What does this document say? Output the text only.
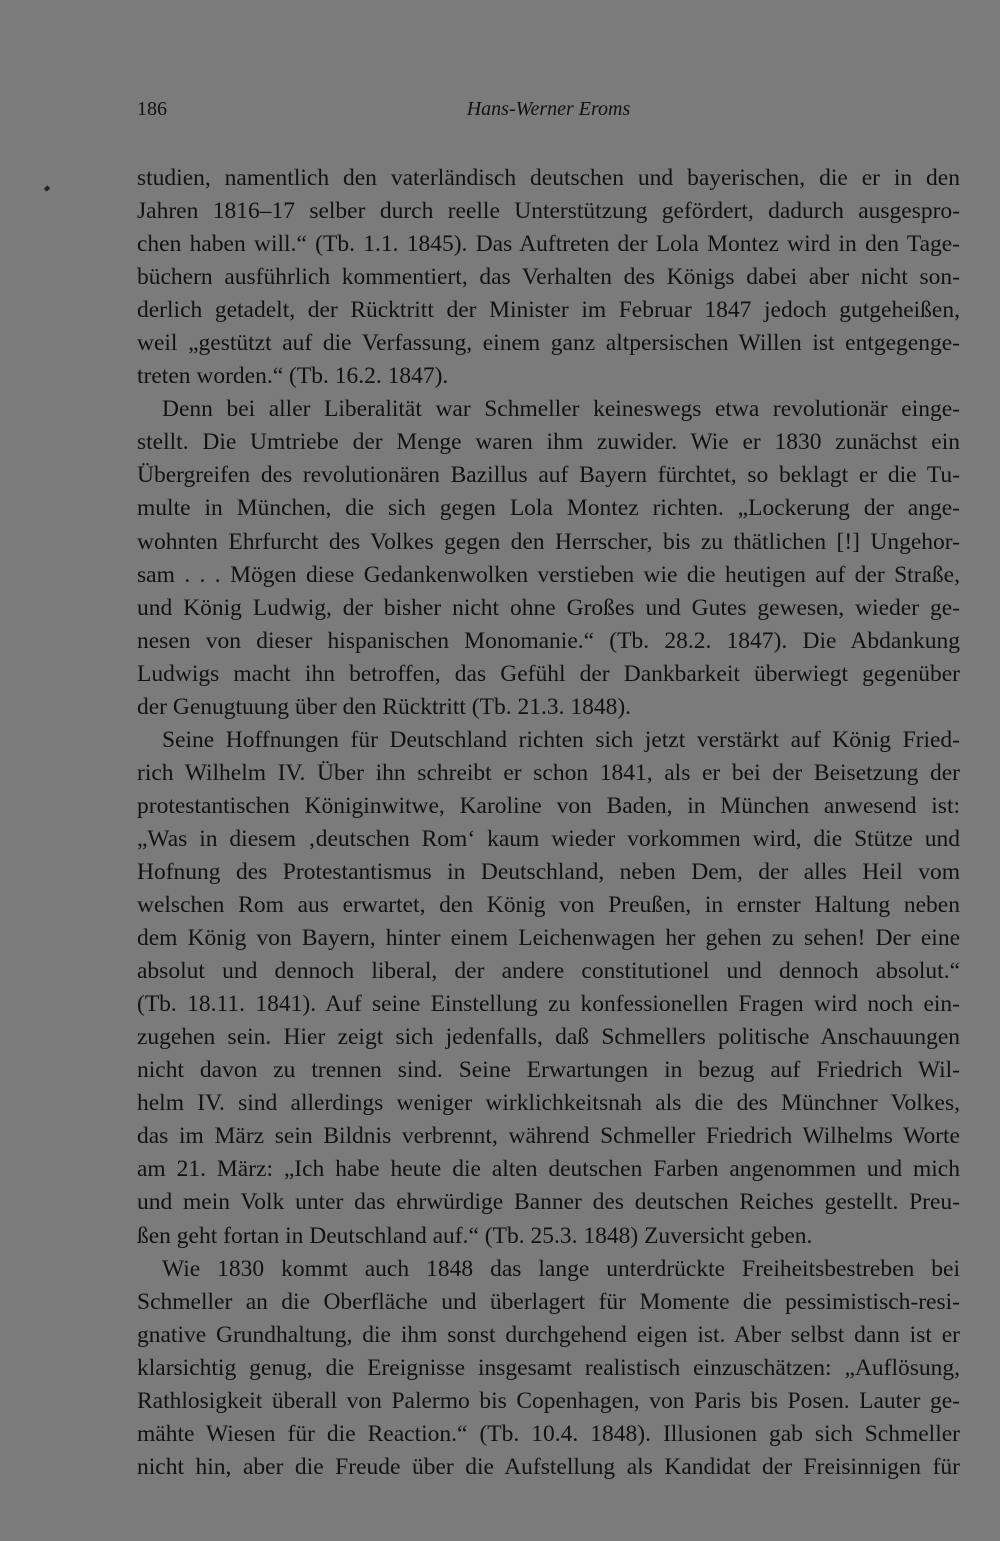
186	Hans-Werner Eroms
studien, namentlich den vaterländisch deutschen und bayerischen, die er in den
Jahren 1816–17 selber durch reelle Unterstützung gefördert, dadurch ausgespro-
chen haben will.“ (Tb. 1.1. 1845). Das Auftreten der Lola Montez wird in den Tage-
büchern ausführlich kommentiert, das Verhalten des Königs dabei aber nicht son-
derlich getadelt, der Rücktritt der Minister im Februar 1847 jedoch gutgeheißen,
weil „gestützt auf die Verfassung, einem ganz altpersischen Willen ist entgegenge-
treten worden.“ (Tb. 16.2. 1847).
Denn bei aller Liberalität war Schmeller keineswegs etwa revolutionär einge-
stellt. Die Umtriebe der Menge waren ihm zuwider. Wie er 1830 zunächst ein
Übergreifen des revolutionären Bazillus auf Bayern fürchtet, so beklagt er die Tu-
multe in München, die sich gegen Lola Montez richten. „Lockerung der ange-
wohnten Ehrfurcht des Volkes gegen den Herrscher, bis zu thätlichen [!] Ungehor-
sam . . . Mögen diese Gedankenwolken verstieben wie die heutigen auf der Straße,
und König Ludwig, der bisher nicht ohne Großes und Gutes gewesen, wieder ge-
nesen von dieser hispanischen Monomanie.“ (Tb. 28.2. 1847). Die Abdankung
Ludwigs macht ihn betroffen, das Gefühl der Dankbarkeit überwiegt gegenüber
der Genugtuung über den Rücktritt (Tb. 21.3. 1848).
Seine Hoffnungen für Deutschland richten sich jetzt verstärkt auf König Fried-
rich Wilhelm IV. Über ihn schreibt er schon 1841, als er bei der Beisetzung der
protestantischen Königinwitwe, Karoline von Baden, in München anwesend ist:
„Was in diesem ‚deutschen Rom‘ kaum wieder vorkommen wird, die Stütze und
Hofnung des Protestantismus in Deutschland, neben Dem, der alles Heil vom
welschen Rom aus erwartet, den König von Preußen, in ernster Haltung neben
dem König von Bayern, hinter einem Leichenwagen her gehen zu sehen! Der eine
absolut und dennoch liberal, der andere constitutionel und dennoch absolut.“
(Tb. 18.11. 1841). Auf seine Einstellung zu konfessionellen Fragen wird noch ein-
zugehen sein. Hier zeigt sich jedenfalls, daß Schmellers politische Anschauungen
nicht davon zu trennen sind. Seine Erwartungen in bezug auf Friedrich Wil-
helm IV. sind allerdings weniger wirklichkeitsnah als die des Münchner Volkes,
das im März sein Bildnis verbrennt, während Schmeller Friedrich Wilhelms Worte
am 21. März: „Ich habe heute die alten deutschen Farben angenommen und mich
und mein Volk unter das ehrwürdige Banner des deutschen Reiches gestellt. Preu-
ßen geht fortan in Deutschland auf.“ (Tb. 25.3. 1848) Zuversicht geben.
Wie 1830 kommt auch 1848 das lange unterdrückte Freiheitsbestreben bei
Schmeller an die Oberfläche und überlagert für Momente die pessimistisch-resi-
gnative Grundhaltung, die ihm sonst durchgehend eigen ist. Aber selbst dann ist er
klarsichtig genug, die Ereignisse insgesamt realistisch einzuschätzen: „Auflösung,
Rathlosigkeit überall von Palermo bis Copenhagen, von Paris bis Posen. Lauter ge-
mähte Wiesen für die Reaction.“ (Tb. 10.4. 1848). Illusionen gab sich Schmeller
nicht hin, aber die Freude über die Aufstellung als Kandidat der Freisinnigen für
